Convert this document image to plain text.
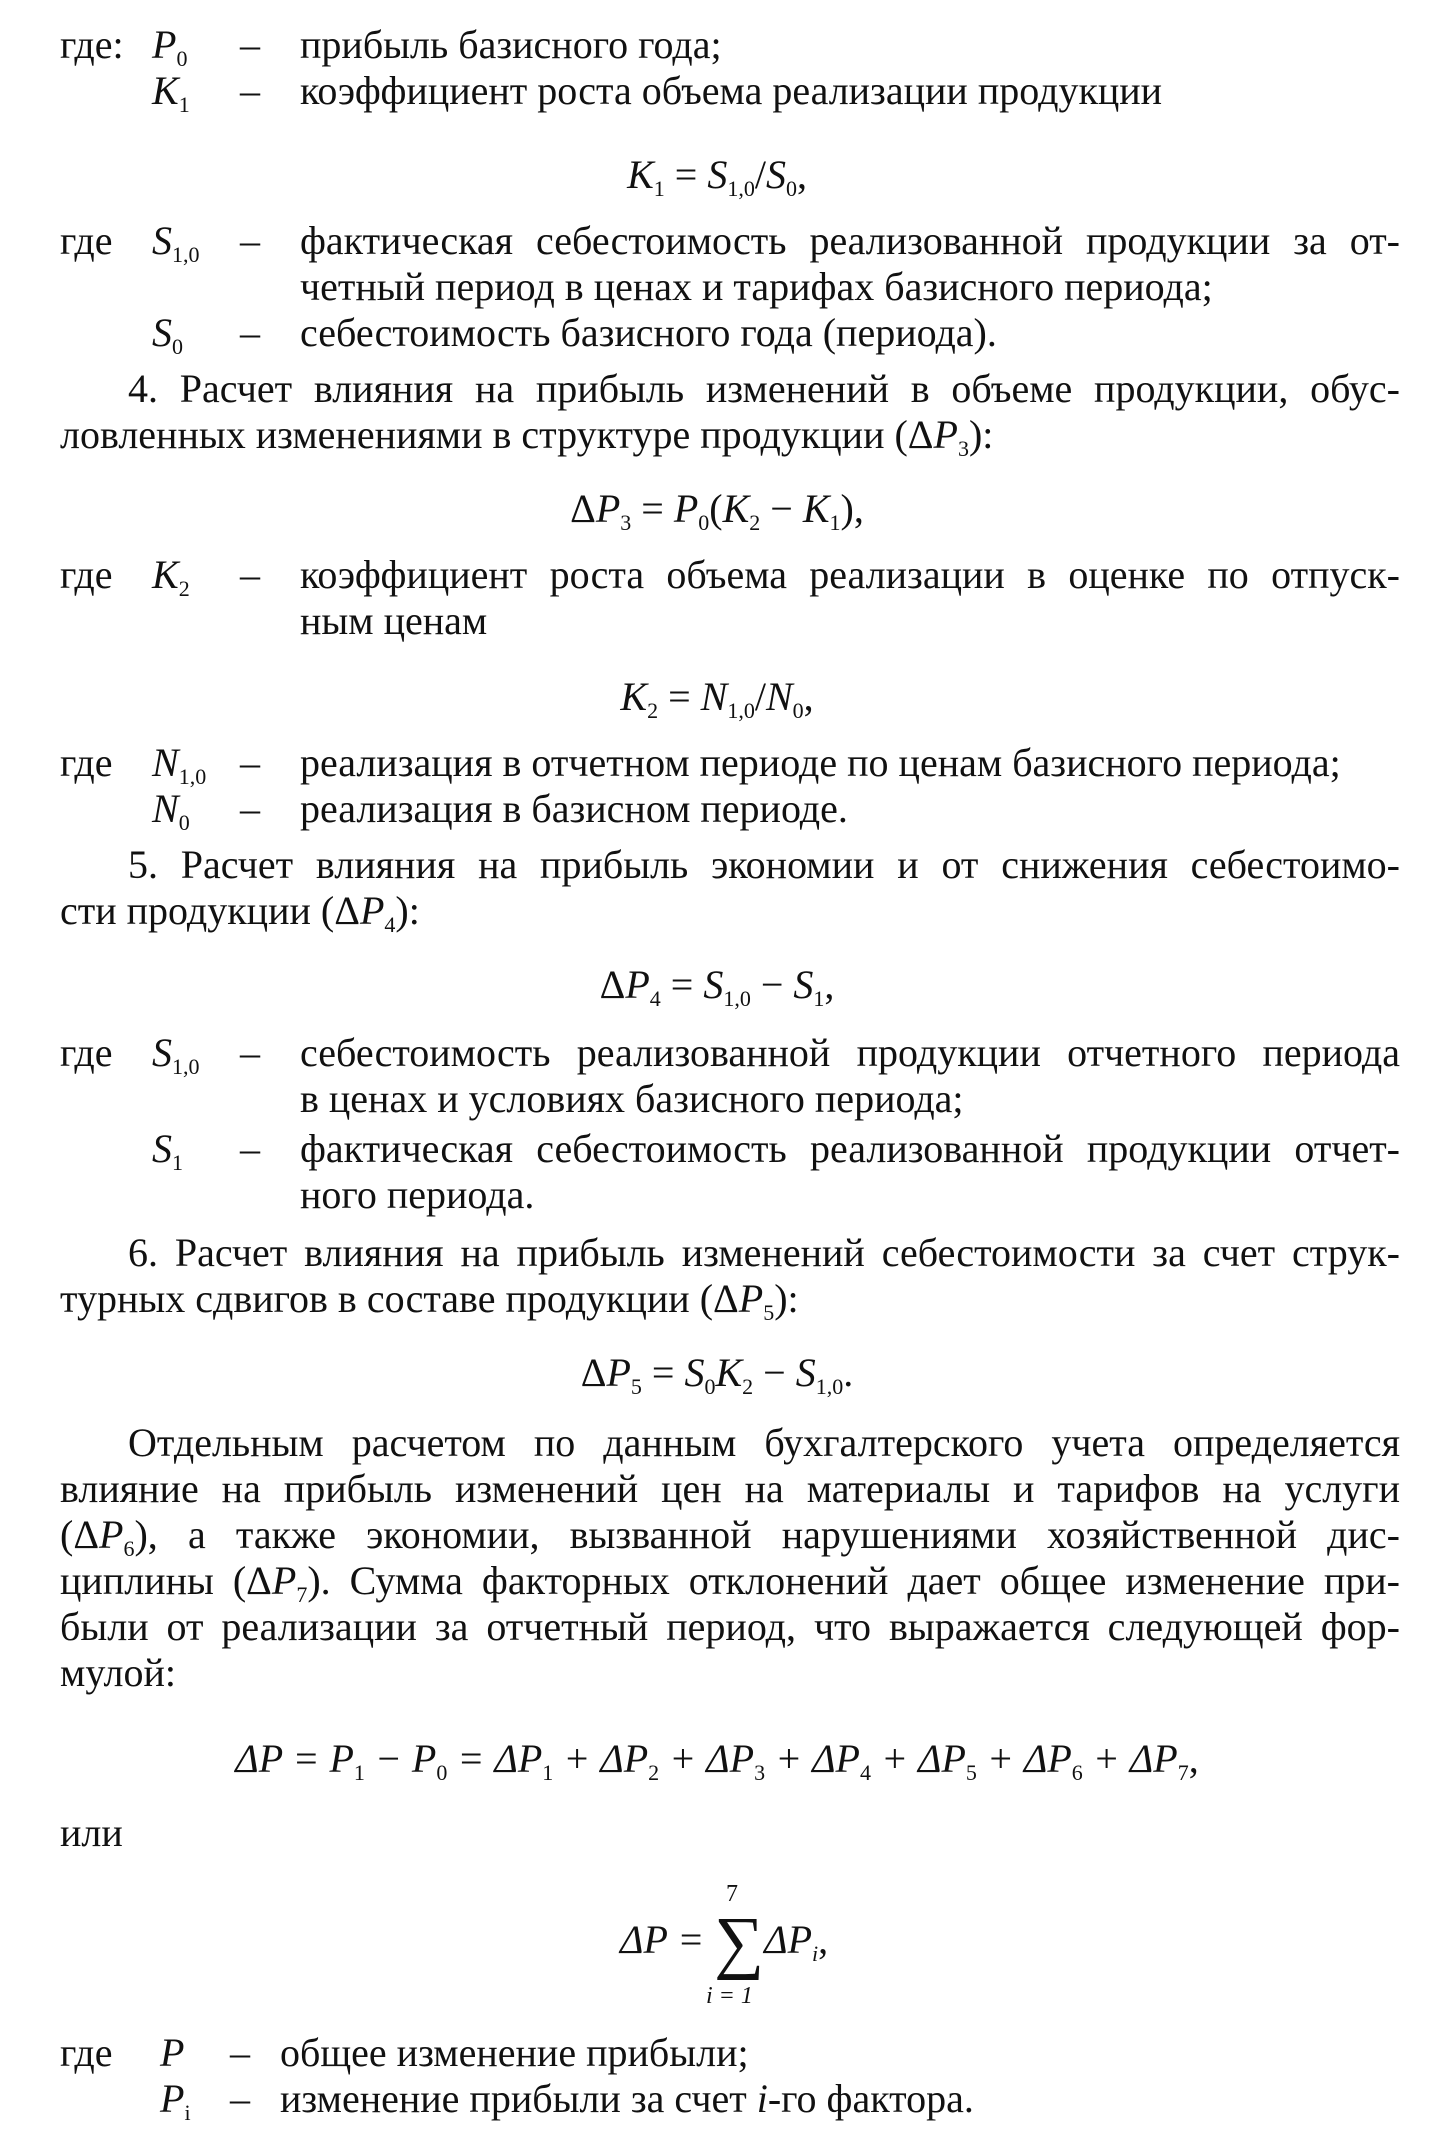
где: $P_0$ – прибыль базисного года;
$K_1$ – коэффициент роста объема реализации продукции
$K_1 = S_{1,0}/S_0$,
где $S_{1,0}$ – фактическая себестоимость реализованной продукции за от-
четный период в ценах и тарифах базисного периода;
$S_0$ – себестоимость базисного года (периода).
4. Расчет влияния на прибыль изменений в объеме продукции, обус-
ловленных изменениями в структуре продукции $(\Delta P_3)$:
$\Delta P_3 = P_0(K_2 - K_1)$,
где $K_2$ – коэффициент роста объема реализации в оценке по отпуск-
ным ценам
$K_2 = N_{1,0}/N_0$,
где $N_{1,0}$ – реализация в отчетном периоде по ценам базисного периода;
$N_0$ – реализация в базисном периоде.
5. Расчет влияния на прибыль экономии и от снижения себестоимо-
сти продукции $(\Delta P_4)$:
$\Delta P_4 = S_{1,0} - S_1$,
где $S_{1,0}$ – себестоимость реализованной продукции отчетного периода
в ценах и условиях базисного периода;
$S_1$ – фактическая себестоимость реализованной продукции отчет-
ного периода.
6. Расчет влияния на прибыль изменений себестоимости за счет струк-
турных сдвигов в составе продукции $(\Delta P_5)$:
$\Delta P_5 = S_0K_2 - S_{1,0}$.
Отдельным расчетом по данным бухгалтерского учета определяется
влияние на прибыль изменений цен на материалы и тарифов на услуги
$(\Delta P_6)$, а также экономии, вызванной нарушениями хозяйственной дис-
циплины $(\Delta P_7)$. Сумма факторных отклонений дает общее изменение при-
были от реализации за отчетный период, что выражается следующей фор-
мулой:
$\Delta P = P_1 - P_0 = \Delta P_1 + \Delta P_2 + \Delta P_3 + \Delta P_4 + \Delta P_5 + \Delta P_6 + \Delta P_7$,
или
7
$\Delta P = \sum\Delta P_i$,
i = 1
где	P – общее изменение прибыли;
$P_i$ – изменение прибыли за счет i-го фактора.
